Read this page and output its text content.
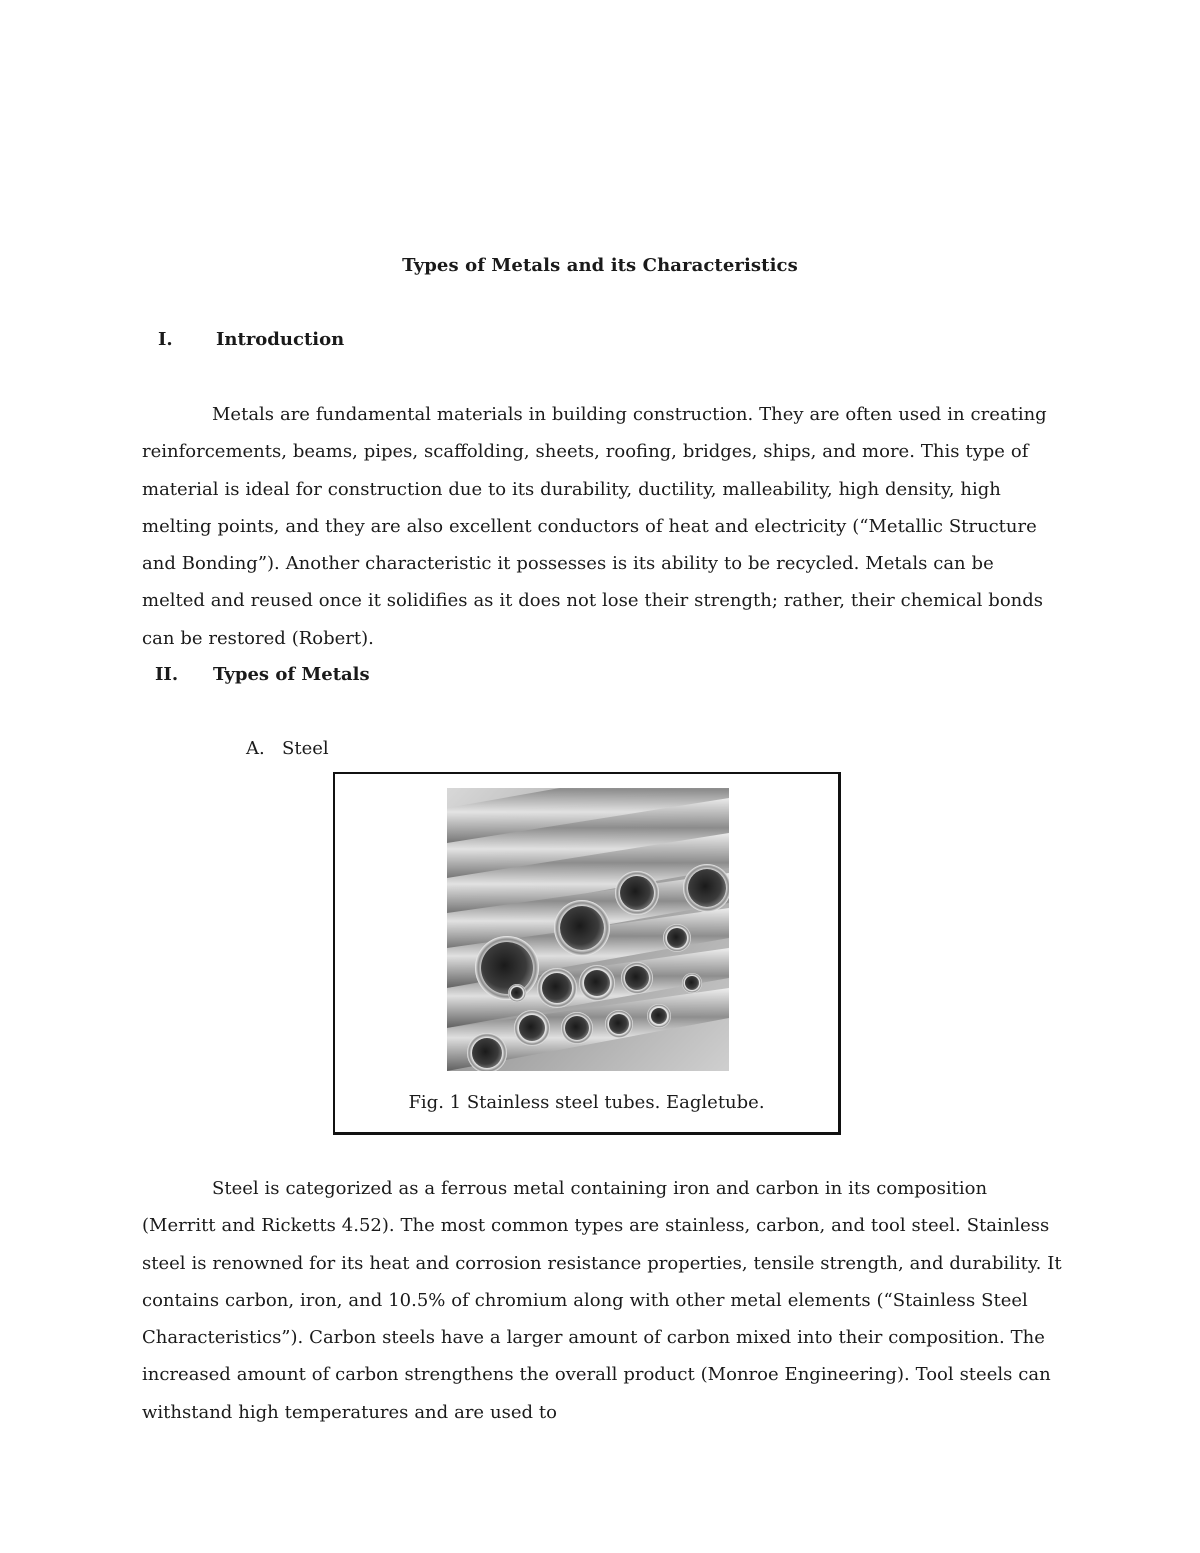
Types of Metals and its Characteristics
I. Introduction

Metals are fundamental materials in building construction. They are often used in creating reinforcements, beams, pipes, scaffolding, sheets, roofing, bridges, ships, and more. This type of material is ideal for construction due to its durability, ductility, malleability, high density, high melting points, and they are also excellent conductors of heat and electricity (“Metallic Structure and Bonding”). Another characteristic it possesses is its ability to be recycled. Metals can be melted and reused once it solidifies as it does not lose their strength; rather, their chemical bonds can be restored (Robert).

II. Types of Metals
A. Steel
Fig. 1 Stainless steel tubes. Eagletube.

Steel is categorized as a ferrous metal containing iron and carbon in its composition (Merritt and Ricketts 4.52). The most common types are stainless, carbon, and tool steel. Stainless steel is renowned for its heat and corrosion resistance properties, tensile strength, and durability. It contains carbon, iron, and 10.5% of chromium along with other metal elements (“Stainless Steel Characteristics”). Carbon steels have a larger amount of carbon mixed into their composition. The increased amount of carbon strengthens the overall product (Monroe Engineering). Tool steels can withstand high temperatures and are used to
